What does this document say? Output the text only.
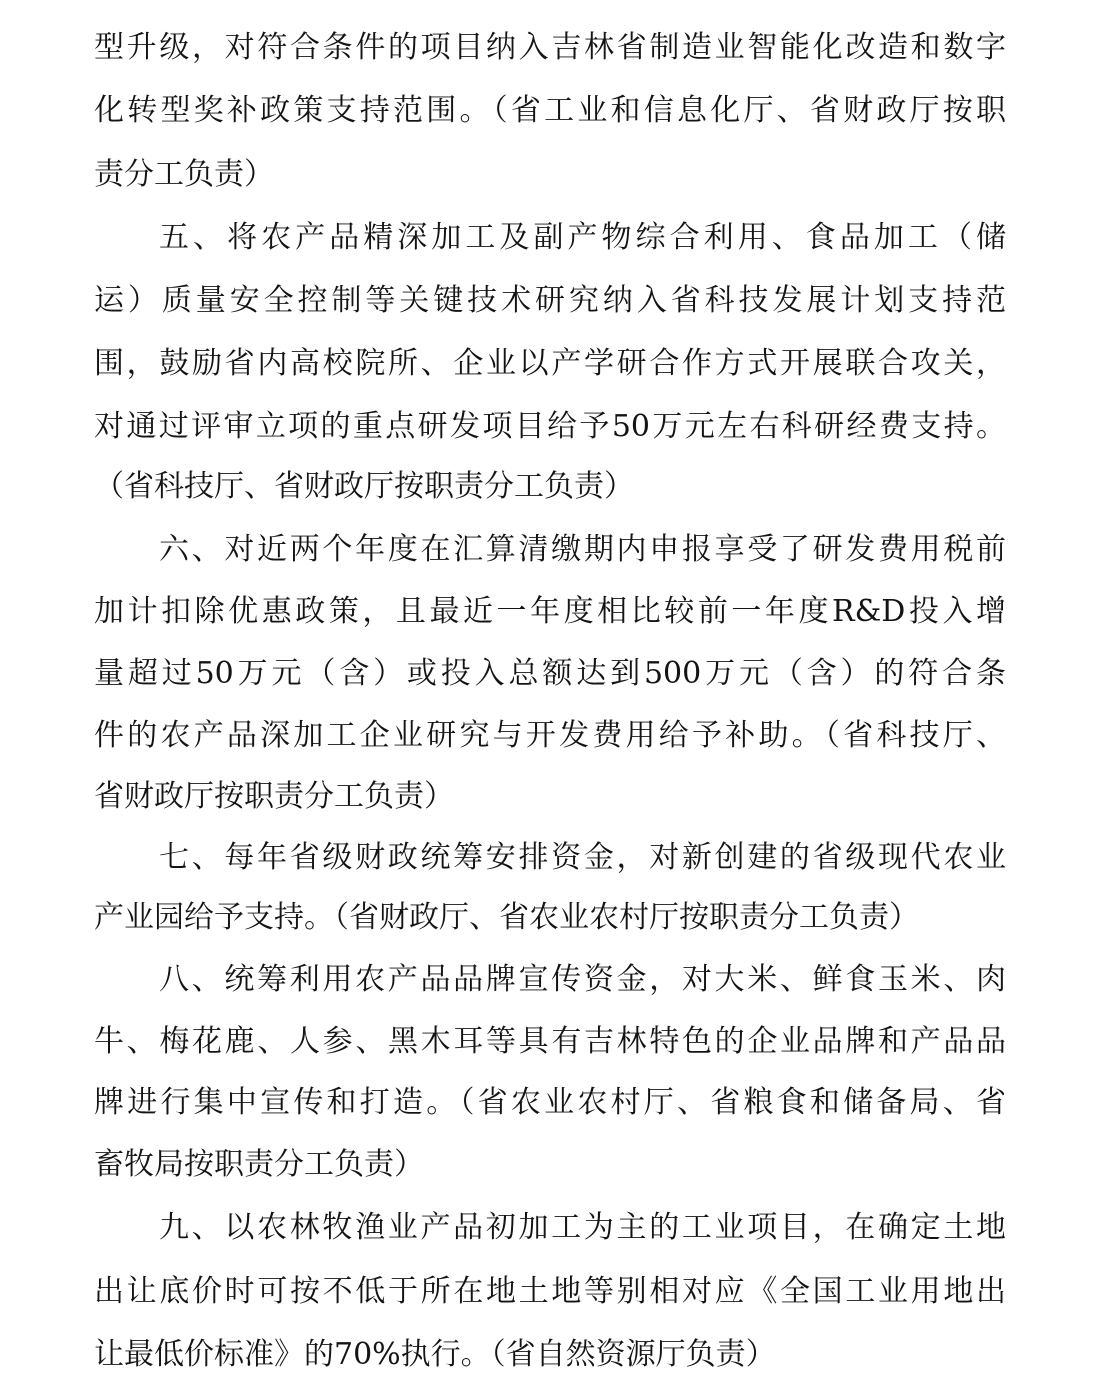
型升级，对符合条件的项目纳入吉林省制造业智能化改造和数字
化转型奖补政策支持范围。（省工业和信息化厅、省财政厅按职
责分工负责）
五、将农产品精深加工及副产物综合利用、食品加工（储
运）质量安全控制等关键技术研究纳入省科技发展计划支持范
围，鼓励省内高校院所、企业以产学研合作方式开展联合攻关，
对通过评审立项的重点研发项目给予50万元左右科研经费支持。
（省科技厅、省财政厅按职责分工负责）
六、对近两个年度在汇算清缴期内申报享受了研发费用税前
加计扣除优惠政策，且最近一年度相比较前一年度R&D投入增
量超过50万元（含）或投入总额达到500万元（含）的符合条
件的农产品深加工企业研究与开发费用给予补助。（省科技厅、
省财政厅按职责分工负责）
七、每年省级财政统筹安排资金，对新创建的省级现代农业
产业园给予支持。（省财政厅、省农业农村厅按职责分工负责）
八、统筹利用农产品品牌宣传资金，对大米、鲜食玉米、肉
牛、梅花鹿、人参、黑木耳等具有吉林特色的企业品牌和产品品
牌进行集中宣传和打造。（省农业农村厅、省粮食和储备局、省
畜牧局按职责分工负责）
九、以农林牧渔业产品初加工为主的工业项目，在确定土地
出让底价时可按不低于所在地土地等别相对应《全国工业用地出
让最低价标准》的70%执行。（省自然资源厅负责）
